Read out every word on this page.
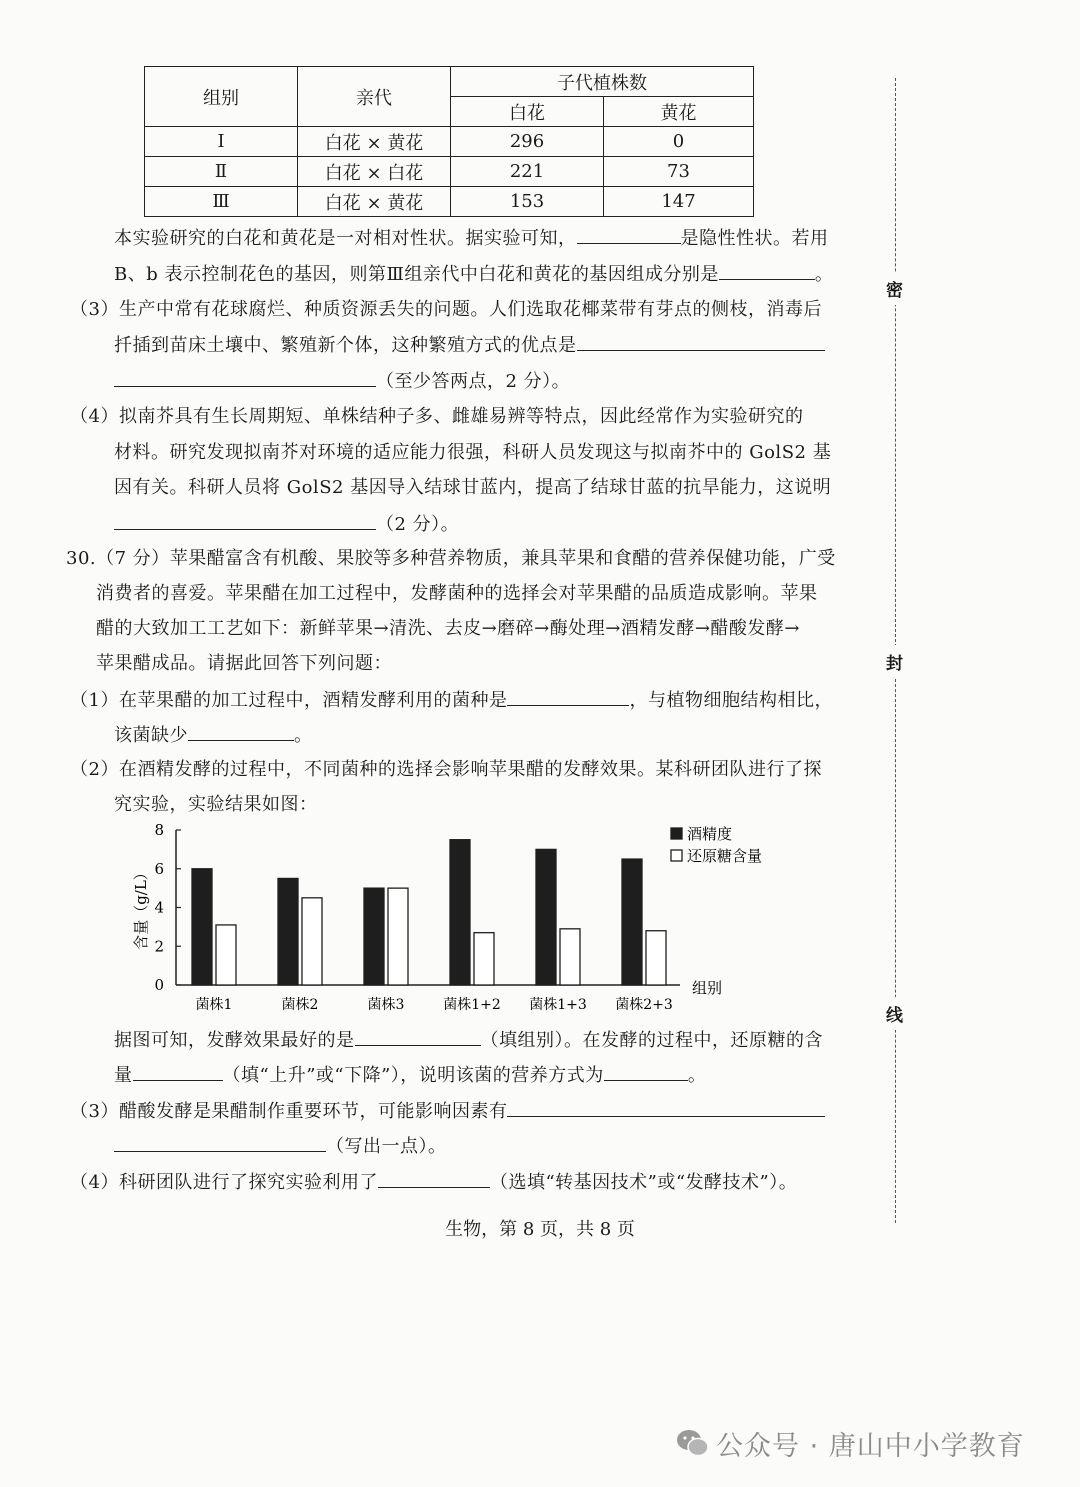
组别	亲代	子代植株数	
		白花	黄花
Ⅰ	白花 × 黄花	296	0
Ⅱ	白花 × 白花	221	73
Ⅲ	白花 × 黄花	153	147
本实验研究的白花和黄花是一对相对性状。据实验可知，	是隐性性状。若用
B、b 表示控制花色的基因，则第Ⅲ组亲代中白花和黄花的基因组成分别是	。
（3）生产中常有花球腐烂、种质资源丢失的问题。人们选取花椰菜带有芽点的侧枝，消毒后
扦插到苗床土壤中、繁殖新个体，这种繁殖方式的优点是
（至少答两点，2 分）。
（4）拟南芥具有生长周期短、单株结种子多、雌雄易辨等特点，因此经常作为实验研究的
材料。研究发现拟南芥对环境的适应能力很强，科研人员发现这与拟南芥中的 GolS2 基
因有关。科研人员将 GolS2 基因导入结球甘蓝内，提高了结球甘蓝的抗旱能力，这说明
（2 分）。
30.（7 分）苹果醋富含有机酸、果胶等多种营养物质，兼具苹果和食醋的营养保健功能，广受
消费者的喜爱。苹果醋在加工过程中，发酵菌种的选择会对苹果醋的品质造成影响。苹果
醋的大致加工工艺如下：新鲜苹果→清洗、去皮→磨碎→酶处理→酒精发酵→醋酸发酵→
苹果醋成品。请据此回答下列问题：
（1）在苹果醋的加工过程中，酒精发酵利用的菌种是	，与植物细胞结构相比，
该菌缺少	。
（2）在酒精发酵的过程中，不同菌种的选择会影响苹果醋的发酵效果。某科研团队进行了探
究实验，实验结果如图：
0
2
4
6
8
含量（g/L）
组别
菌株1	菌株2	菌株3	菌株1+2 菌株1+3 菌株2+3
酒精度
还原糖含量
据图可知，发酵效果最好的是	（填组别）。在发酵的过程中，还原糖的含
量	（填“上升”或“下降”），说明该菌的营养方式为	。
（3）醋酸发酵是果醋制作重要环节，可能影响因素有
（写出一点）。
（4）科研团队进行了探究实验利用了	（选填“转基因技术”或“发酵技术”）。
密
封
线
生物，第 8 页，共 8 页
公众号 · 唐山中小学教育
